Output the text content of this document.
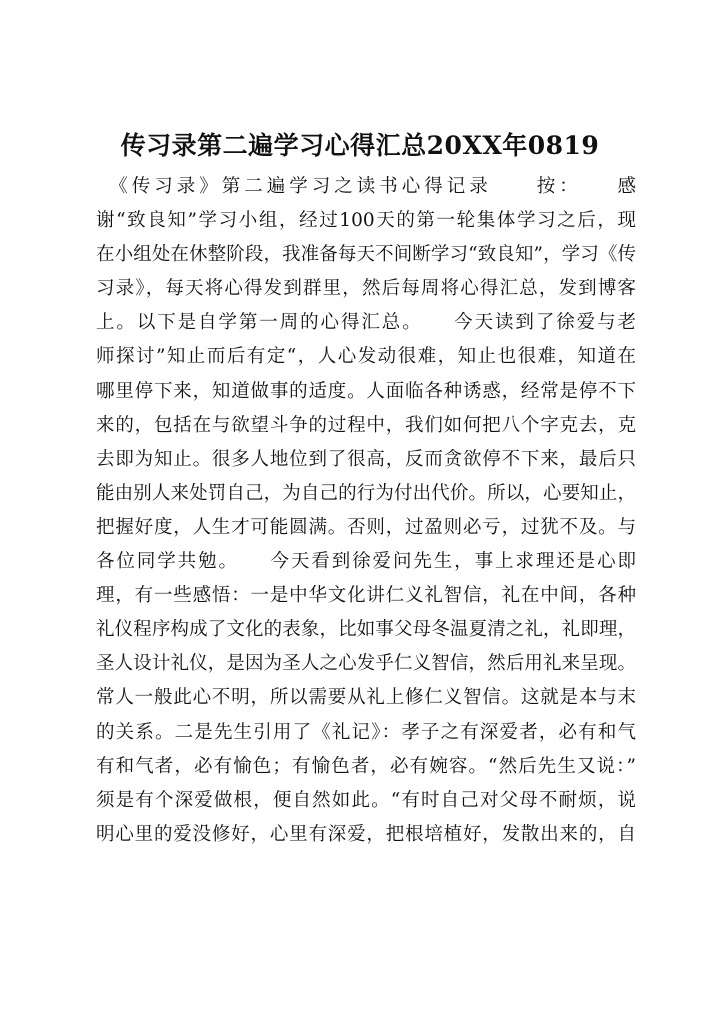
传习录第二遍学习心得汇总20XX年0819
　《传习录》第二遍学习之读书心得记录　　按：　　感
谢“致良知”学习小组，经过100天的第一轮集体学习之后，现
在小组处在休整阶段，我准备每天不间断学习“致良知”，学习《传
习录》，每天将心得发到群里，然后每周将心得汇总，发到博客
上。以下是自学第一周的心得汇总。　　今天读到了徐爱与老
师探讨”知止而后有定“，人心发动很难，知止也很难，知道在
哪里停下来，知道做事的适度。人面临各种诱惑，经常是停不下
来的，包括在与欲望斗争的过程中，我们如何把八个字克去，克
去即为知止。很多人地位到了很高，反而贪欲停不下来，最后只
能由别人来处罚自己，为自己的行为付出代价。所以，心要知止，
把握好度，人生才可能圆满。否则，过盈则必亏，过犹不及。与
各位同学共勉。　　今天看到徐爱问先生，事上求理还是心即
理，有一些感悟：一是中华文化讲仁义礼智信，礼在中间，各种
礼仪程序构成了文化的表象，比如事父母冬温夏清之礼，礼即理，
圣人设计礼仪，是因为圣人之心发乎仁义智信，然后用礼来呈现。
常人一般此心不明，所以需要从礼上修仁义智信。这就是本与末
的关系。二是先生引用了《礼记》：孝子之有深爱者，必有和气
有和气者，必有愉色；有愉色者，必有婉容。“然后先生又说：”
须是有个深爱做根，便自然如此。“有时自己对父母不耐烦，说
明心里的爱没修好，心里有深爱，把根培植好，发散出来的，自
